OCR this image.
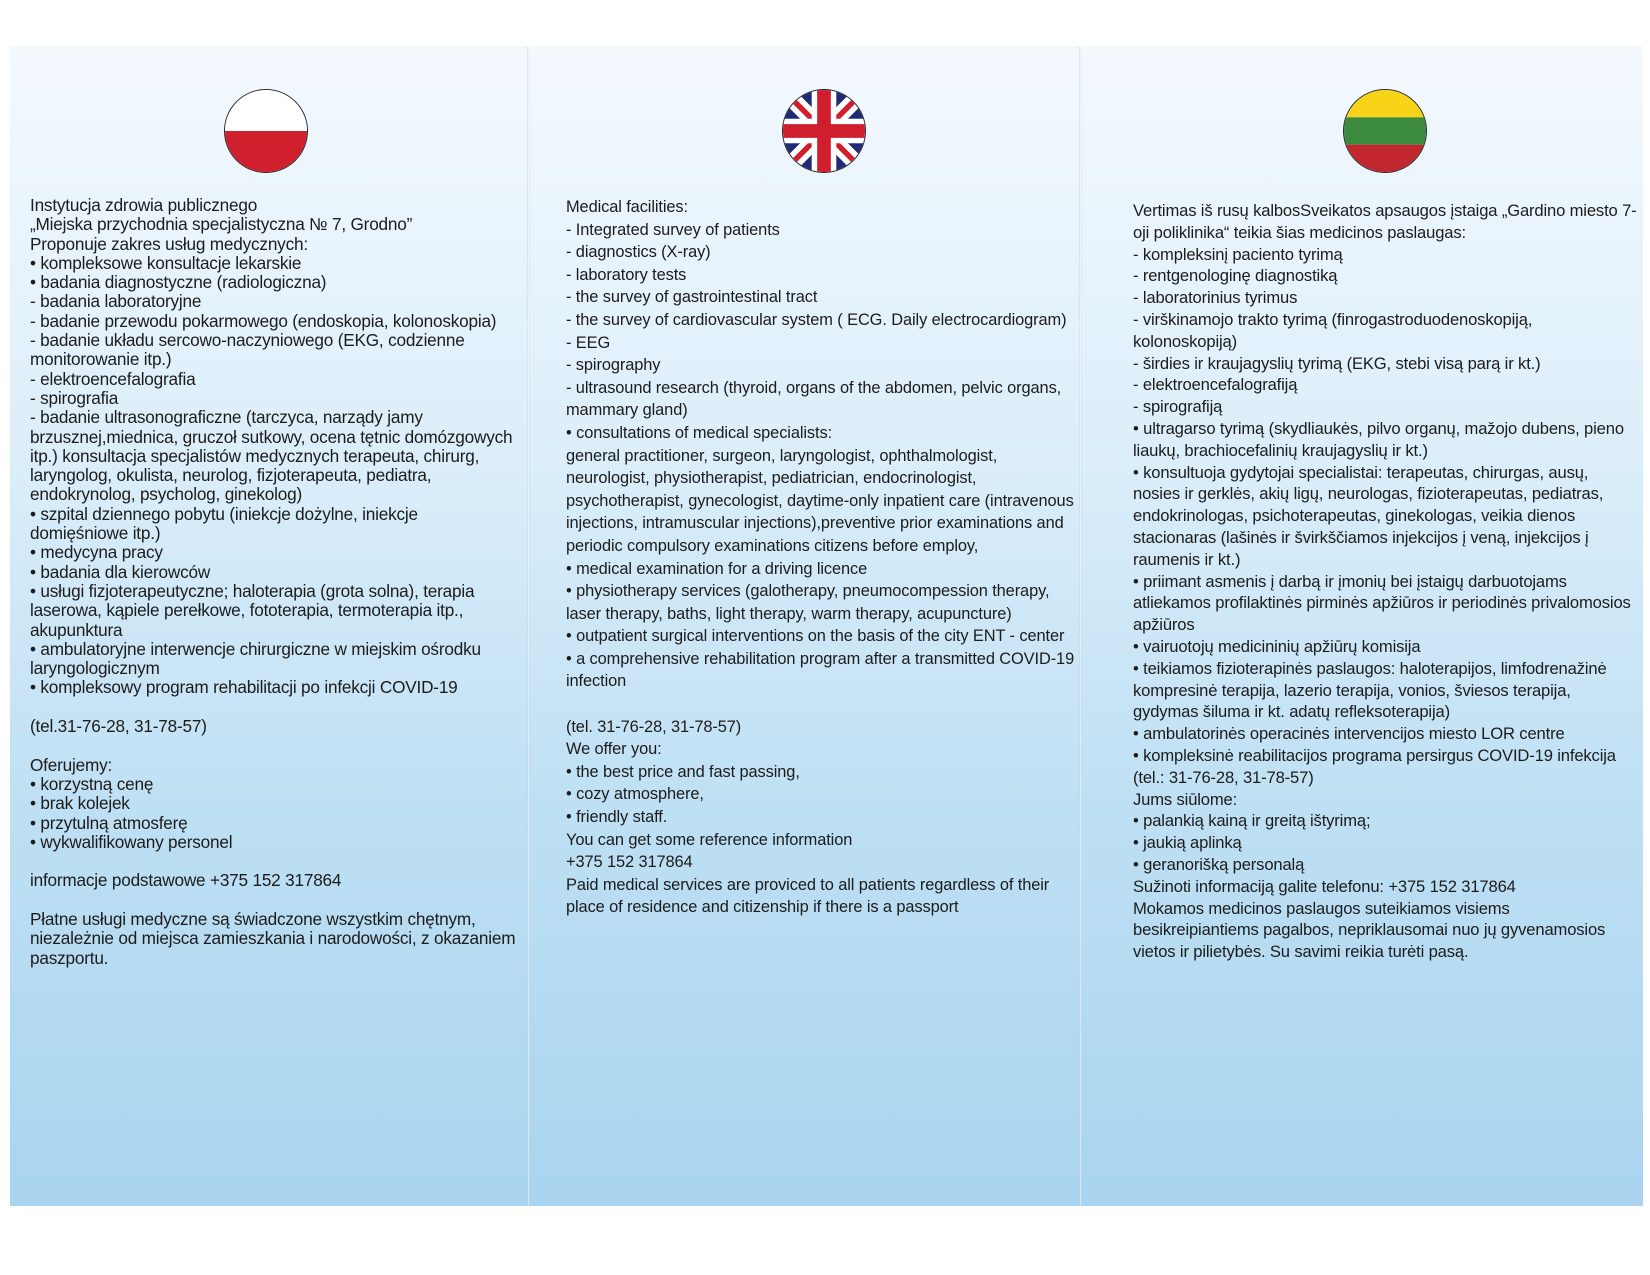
Instytucja zdrowia publicznego
„Miejska przychodnia specjalistyczna № 7, Grodno”
Proponuje zakres usług medycznych:
• kompleksowe konsultacje lekarskie
• badania diagnostyczne (radiologiczna)
- badania laboratoryjne
- badanie przewodu pokarmowego (endoskopia, kolonoskopia)
- badanie układu sercowo-naczyniowego (EKG, codzienne monitorowanie itp.)
- elektroencefalografia
- spirografia
- badanie ultrasonograficzne (tarczyca, narządy jamy brzusznej,miednica, gruczoł sutkowy, ocena tętnic domózgowych itp.) konsultacja specjalistów medycznych terapeuta, chirurg, laryngolog, okulista, neurolog, fizjoterapeuta, pediatra, endokrynolog, psycholog, ginekolog)
• szpital dziennego pobytu (iniekcje dożylne, iniekcje domięśniowe itp.)
• medycyna pracy
• badania dla kierowców
• usługi fizjoterapeutyczne; haloterapia (grota solna), terapia laserowa, kąpiele perełkowe, fototerapia, termoterapia itp., akupunktura
• ambulatoryjne interwencje chirurgiczne w miejskim ośrodku laryngologicznym
• kompleksowy program rehabilitacji po infekcji COVID-19

(tel.31-76-28, 31-78-57)

Oferujemy:
• korzystną cenę
• brak kolejek
• przytulną atmosferę
• wykwalifikowany personel

informacje podstawowe +375 152 317864

Płatne usługi medyczne są świadczone wszystkim chętnym, niezależnie od miejsca zamieszkania i narodowości, z okazaniem paszportu.

Medical facilities:
- Integrated survey of patients
- diagnostics (X-ray)
- laboratory tests
- the survey of gastrointestinal tract
- the survey of cardiovascular system ( ECG. Daily electrocardiogram)
- EEG
- spirography
- ultrasound research (thyroid, organs of the abdomen, pelvic organs, mammary gland)
• consultations of medical specialists:
general practitioner, surgeon, laryngologist, ophthalmologist, neurologist, physiotherapist, pediatrician, endocrinologist, psychotherapist, gynecologist, daytime-only inpatient care (intravenous injections, intramuscular injections),preventive prior examinations and periodic compulsory examinations citizens before employ,
• medical examination for a driving licence
• physiotherapy services (galotherapy, pneumocompession therapy, laser therapy, baths, light therapy, warm therapy, acupuncture)
• outpatient surgical interventions on the basis of the city ENT - center
• a comprehensive rehabilitation program after a transmitted COVID-19 infection

(tel. 31-76-28, 31-78-57)
We offer you:
• the best price and fast passing,
• cozy atmosphere,
• friendly staff.
You can get some reference information
+375 152 317864
Paid medical services are proviced to all patients regardless of their place of residence and citizenship if there is a passport

Vertimas iš rusų kalbosSveikatos apsaugos įstaiga „Gardino miesto 7-oji poliklinika“ teikia šias medicinos paslaugas:
- kompleksinį paciento tyrimą
- rentgenologinę diagnostiką
- laboratorinius tyrimus
- virškinamojo trakto tyrimą (finrogastroduodenoskopiją, kolonoskopiją)
- širdies ir kraujagyslių tyrimą (EKG, stebi visą parą ir kt.)
- elektroencefalografiją
- spirografiją
• ultragarso tyrimą (skydliaukės, pilvo organų, mažojo dubens, pieno liaukų, brachiocefalinių kraujagyslių ir kt.)
• konsultuoja gydytojai specialistai: terapeutas, chirurgas, ausų, nosies ir gerklės, akių ligų, neurologas, fizioterapeutas, pediatras, endokrinologas, psichoterapeutas, ginekologas, veikia dienos stacionaras (lašinės ir švirkščiamos injekcijos į veną, injekcijos į raumenis ir kt.)
• priimant asmenis į darbą ir įmonių bei įstaigų darbuotojams atliekamos profilaktinės pirminės apžiūros ir periodinės privalomosios apžiūros
• vairuotojų medicininių apžiūrų komisija
• teikiamos fizioterapinės paslaugos: haloterapijos, limfodrenažinė kompresinė terapija, lazerio terapija, vonios, šviesos terapija, gydymas šiluma ir kt. adatų refleksoterapija)
• ambulatorinės operacinės intervencijos miesto LOR centre
• kompleksinė reabilitacijos programa persirgus COVID-19 infekcija
(tel.: 31-76-28, 31-78-57)
Jums siūlome:
• palankią kainą ir greitą ištyrimą;
• jaukią aplinką
• geranorišką personalą
Sužinoti informaciją galite telefonu: +375 152 317864
Mokamos medicinos paslaugos suteikiamos visiems besikreipiantiems pagalbos, nepriklausomai nuo jų gyvenamosios vietos ir pilietybės. Su savimi reikia turėti pasą.
